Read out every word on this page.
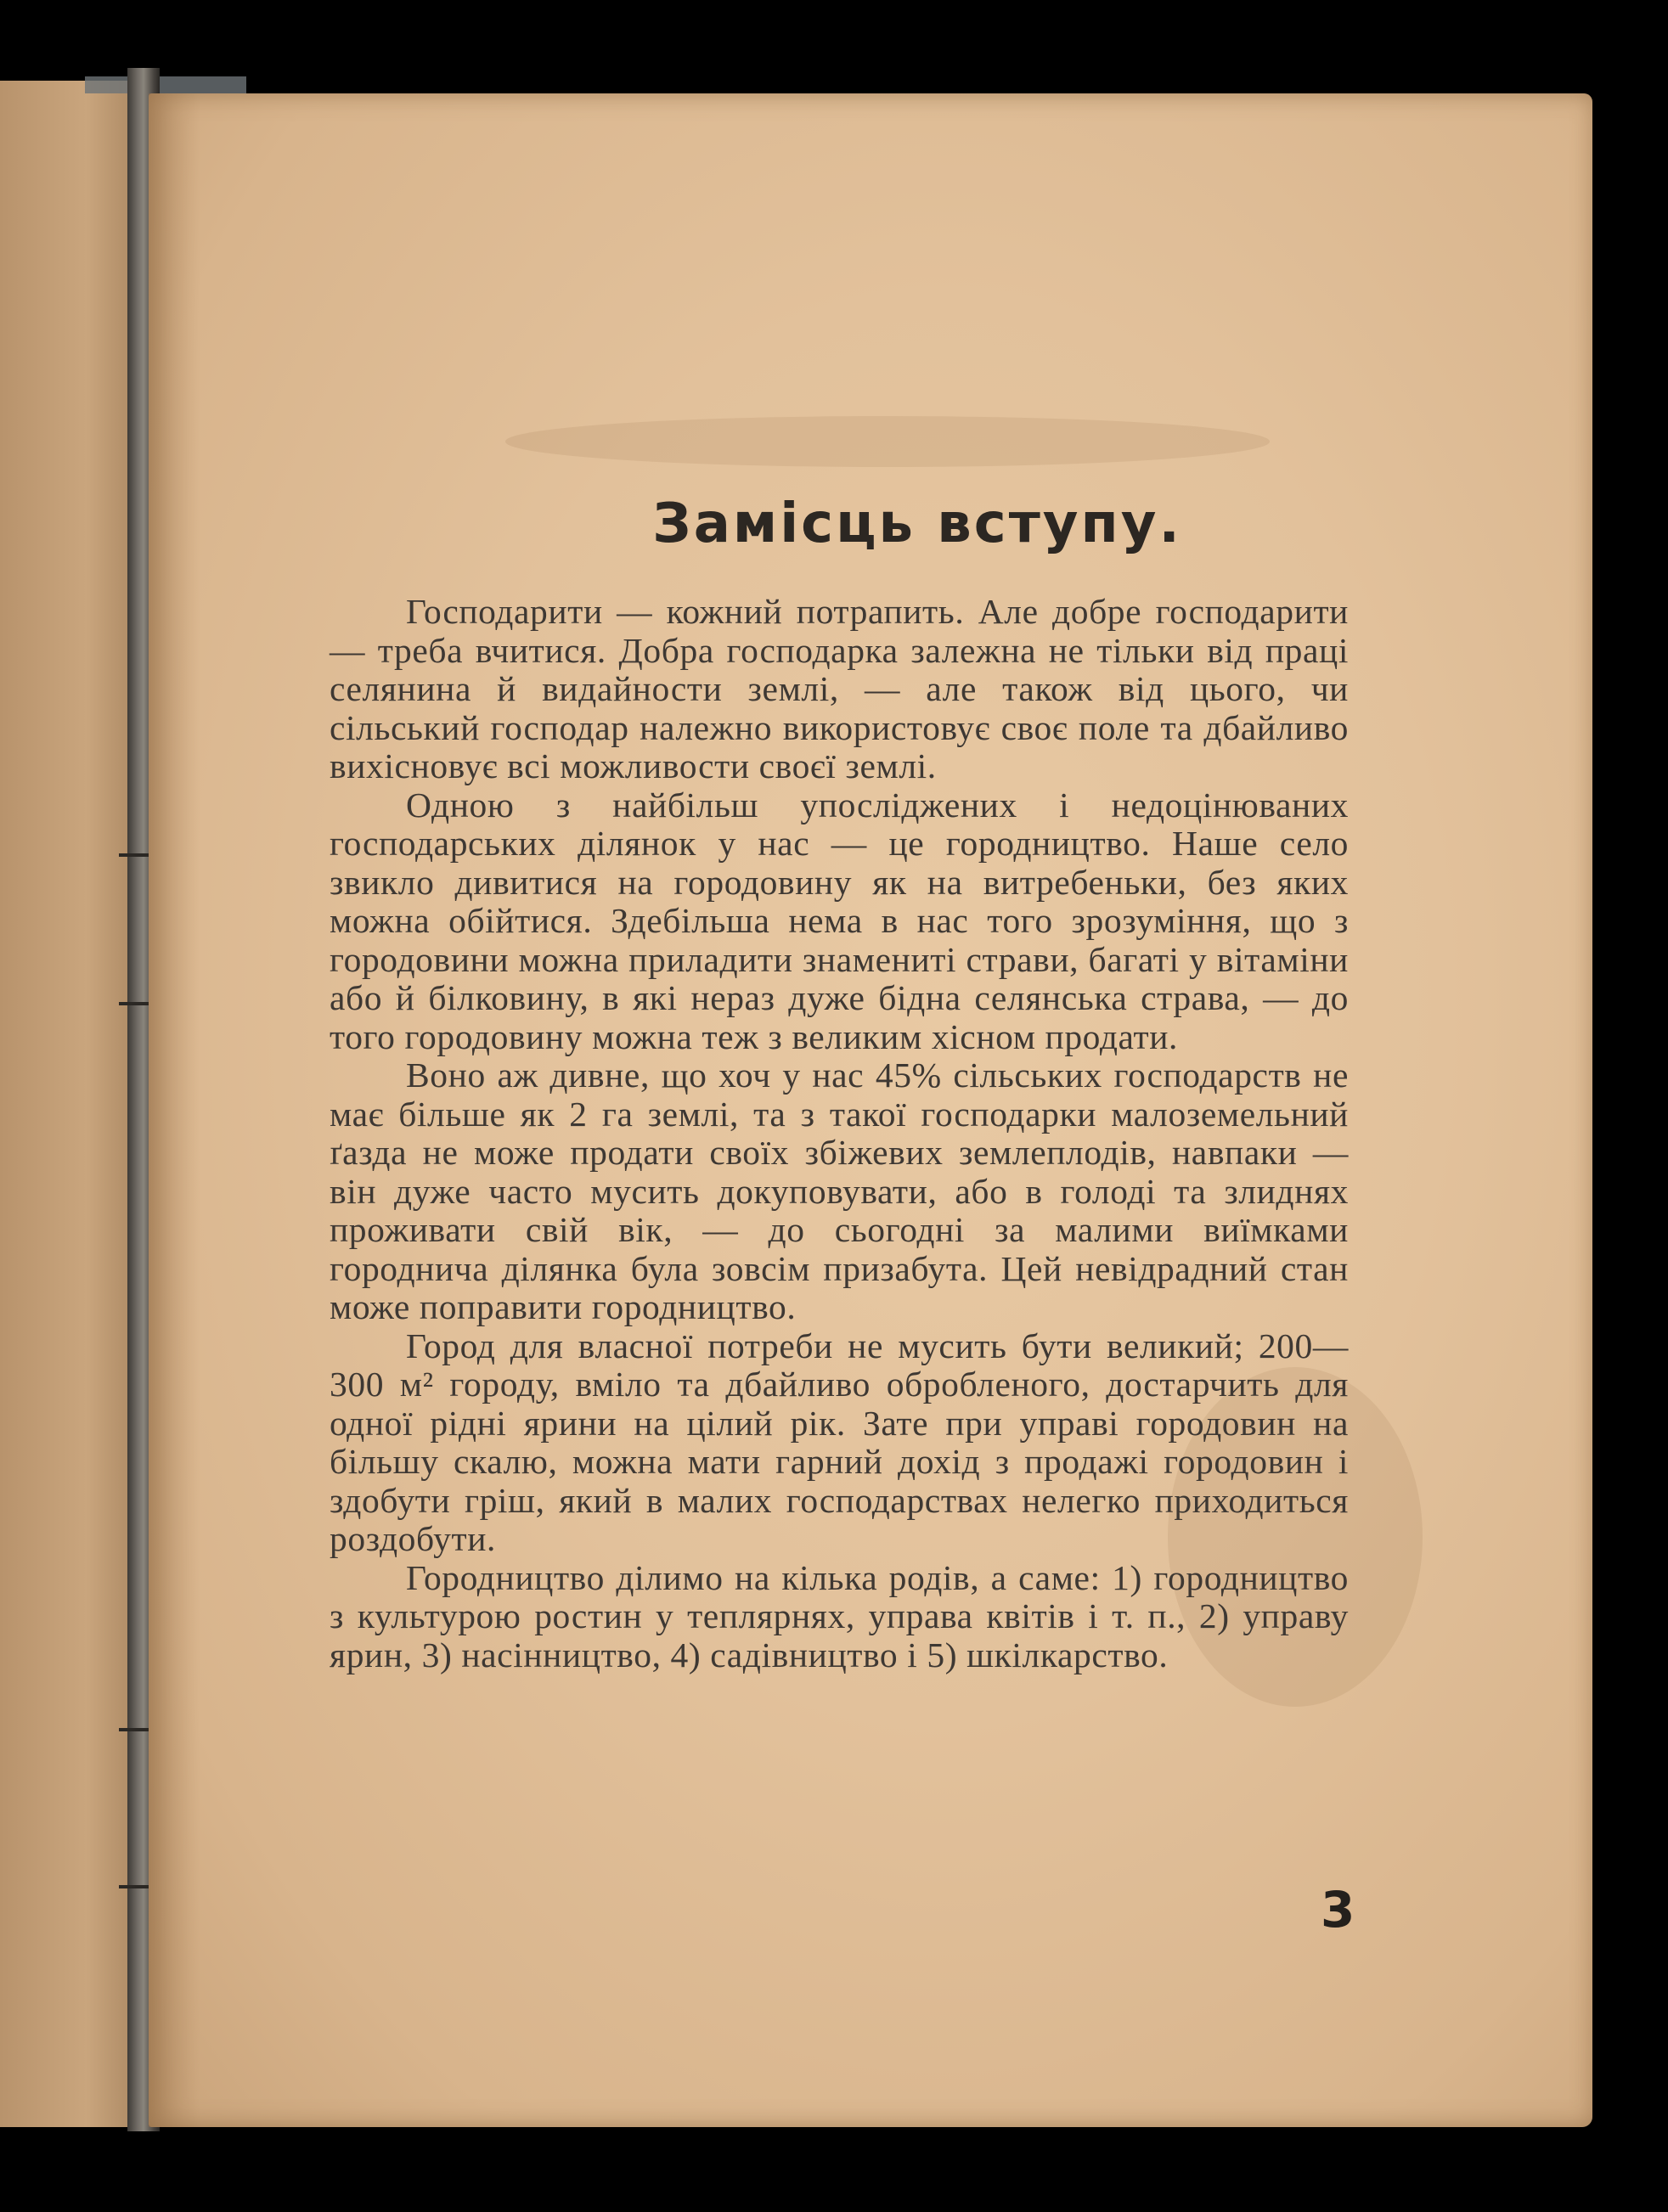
Замісць вступу.

Господарити — кожний потрапить. Але добре господарити — треба вчитися. Добра господарка залежна не тільки від праці селянина й видайности землі, — але також від цього, чи сільський господар належно використовує своє поле та дбайливо вихісновує всі можливости своєї землі.

Одною з найбільш упосліджених і недоцінюваних господарських ділянок у нас — це городництво. Наше село звикло дивитися на городовину як на витребеньки, без яких можна обійтися. Здебільша нема в нас того зрозуміння, що з городовини можна приладити знамениті страви, багаті у вітаміни або й білковину, в які нераз дуже бідна селянська страва, — до того городовину можна теж з великим хісном продати.

Воно аж дивне, що хоч у нас 45% сільських господарств не має більше як 2 га землі, та з такої господарки малоземельний ґазда не може продати своїх збіжевих землеплодів, навпаки — він дуже часто мусить докуповувати, або в голоді та злиднях проживати свій вік, — до сьогодні за малими виїмками городнича ділянка була зовсім призабута. Цей невідрадний стан може поправити городництво.

Город для власної потреби не мусить бути великий; 200—300 м² городу, вміло та дбайливо обробленого, достарчить для одної рідні ярини на цілий рік. Зате при управі городовин на більшу скалю, можна мати гарний дохід з продажі городовин і здобути гріш, який в малих господарствах нелегко приходиться роздобути.

Городництво ділимо на кілька родів, а саме: 1) городництво з культурою ростин у теплярнях, управа квітів і т. п., 2) управу ярин, 3) насінництво, 4) садівництво і 5) шкілкарство.

3
